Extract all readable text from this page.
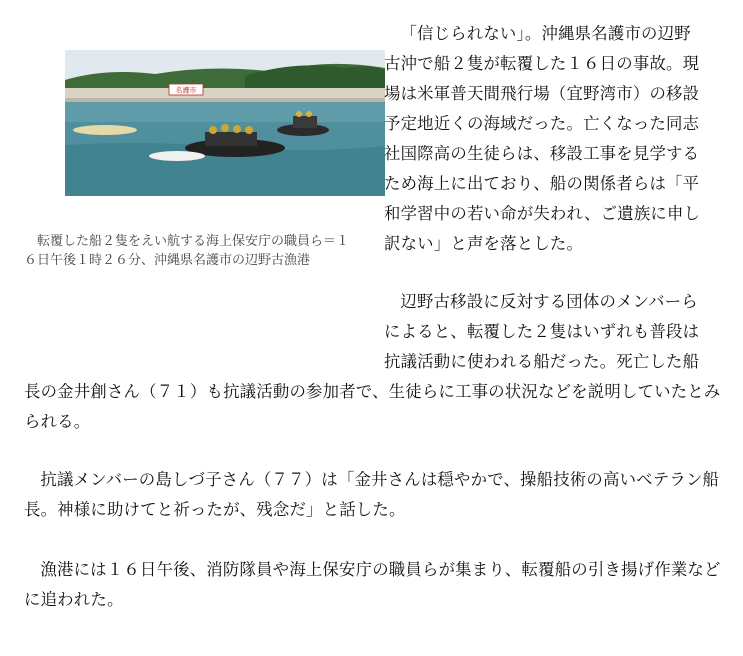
名護市
転覆した船２隻をえい航する海上保安庁の職員ら＝１６日午後１時２６分、沖縄県名護市の辺野古漁港

「信じられない」。沖縄県名護市の辺野古沖で船２隻が転覆した１６日の事故。現場は米軍普天間飛行場（宜野湾市）の移設予定地近くの海域だった。亡くなった同志社国際高の生徒らは、移設工事を見学するため海上に出ており、船の関係者らは「平和学習中の若い命が失われ、ご遺族に申し訳ない」と声を落とした。

辺野古移設に反対する団体のメンバーらによると、転覆した２隻はいずれも普段は抗議活動に使われる船だった。死亡した船

長の金井創さん（７１）も抗議活動の参加者で、生徒らに工事の状況などを説明していたとみられる。

抗議メンバーの島しづ子さん（７７）は「金井さんは穏やかで、操船技術の高いベテラン船長。神様に助けてと祈ったが、残念だ」と話した。

漁港には１６日午後、消防隊員や海上保安庁の職員らが集まり、転覆船の引き揚げ作業などに追われた。
